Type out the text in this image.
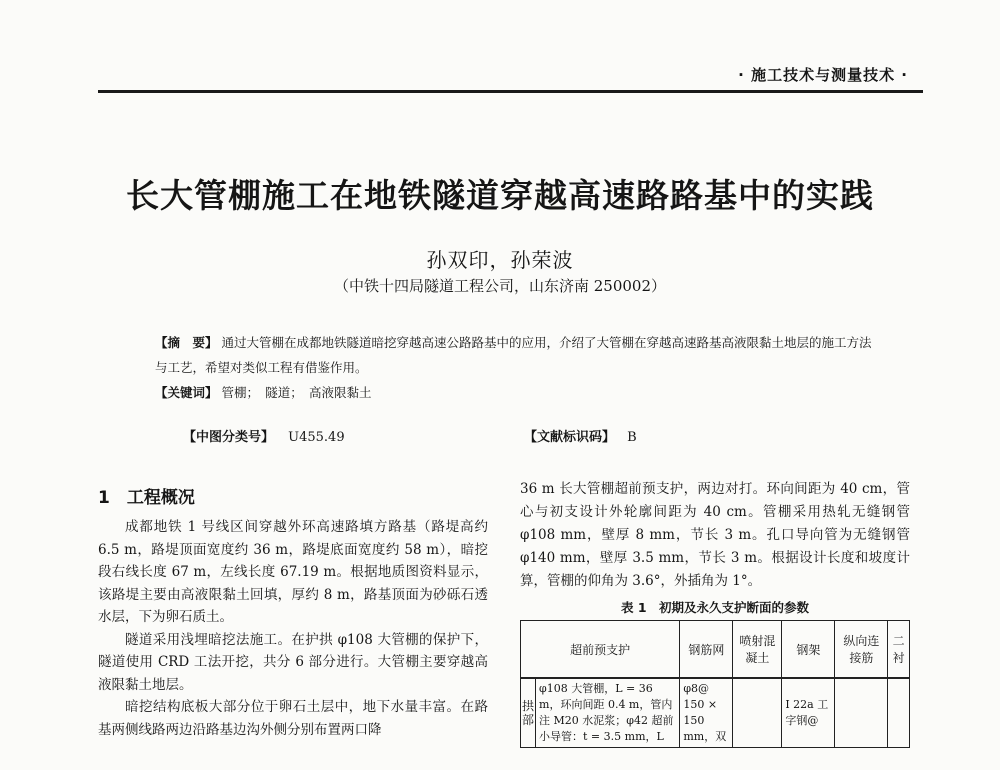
· 施工技术与测量技术 ·
长大管棚施工在地铁隧道穿越高速路路基中的实践
孙双印，孙荣波
（中铁十四局隧道工程公司，山东济南 250002）
【摘　要】 通过大管棚在成都地铁隧道暗挖穿越高速公路路基中的应用，介绍了大管棚在穿越高速路基高液限黏土地层的施工方法与工艺，希望对类似工程有借鉴作用。
【关键词】 管棚；　隧道；　高液限黏土
【中图分类号】 U455.49	【文献标识码】 B
1　工程概况

成都地铁 1 号线区间穿越外环高速路填方路基（路堤高约 6.5 m，路堤顶面宽度约 36 m，路堤底面宽度约 58 m），暗挖段右线长度 67 m，左线长度 67.19 m。根据地质图资料显示，该路堤主要由高液限黏土回填，厚约 8 m，路基顶面为砂砾石透水层，下为卵石质土。

隧道采用浅埋暗挖法施工。在护拱 φ108 大管棚的保护下，隧道使用 CRD 工法开挖，共分 6 部分进行。大管棚主要穿越高液限黏土地层。

暗挖结构底板大部分位于卵石土层中，地下水量丰富。在路基两侧线路两边沿路基边沟外侧分别布置两口降

36 m 长大管棚超前预支护，两边对打。环向间距为 40 cm，管心与初支设计外轮廓间距为 40 cm。管棚采用热轧无缝钢管 φ108 mm，壁厚 8 mm，节长 3 m。孔口导向管为无缝钢管 φ140 mm，壁厚 3.5 mm，节长 3 m。根据设计长度和坡度计算，管棚的仰角为 3.6°，外插角为 1°。

表 1　初期及永久支护断面的参数
超前预支护		钢筋网	喷射混凝土	钢架	纵向连接筋	二衬
拱部	φ108 大管棚，L = 36 m，环向间距 0.4 m，管内注 M20 水泥浆；φ42 超前小导管：t = 3.5 mm，L	φ8@ 150 × 150 mm，双		I 22a 工字钢@		
